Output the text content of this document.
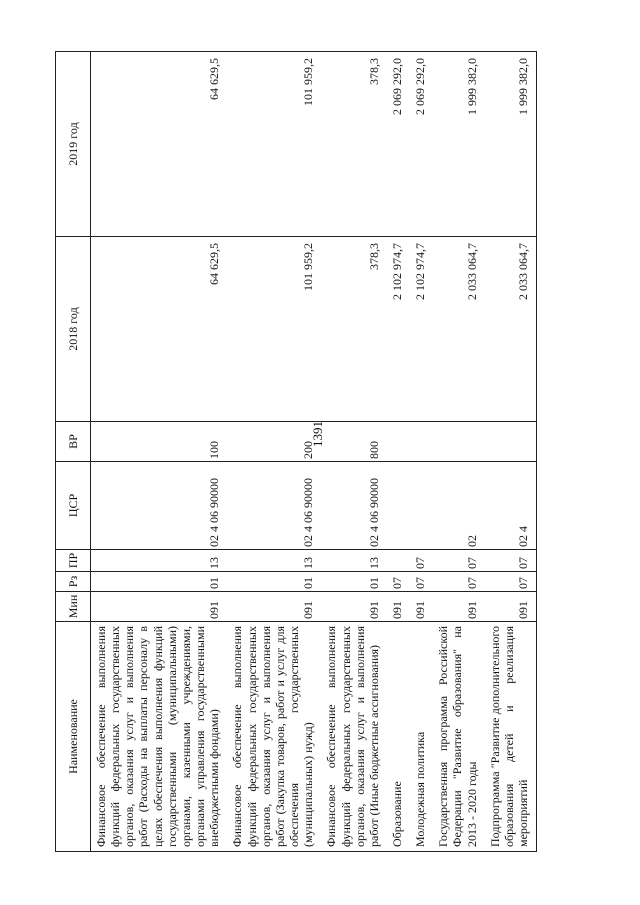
1391
Наименование	Мин	Рз	ПР	ЦСР	ВР	2018 год	2019 год
Финансовое обеспечение выполнения функций федеральных государственных органов, оказания услуг и выполнения работ (Расходы на выплаты персоналу в целях обеспечения выполнения функций государственными (муниципальными) органами, казенными учреждениями, органами управления государственными внебюджетными фондами)	091	01	13	02 4 06 90000	100	64 629,5	64 629,5
Финансовое обеспечение выполнения функций федеральных государственных органов, оказания услуг и выполнения работ (Закупка товаров, работ и услуг для обеспечения государственных (муниципальных) нужд)	091	01	13	02 4 06 90000	200	101 959,2	101 959,2
Финансовое обеспечение выполнения функций федеральных государственных органов, оказания услуг и выполнения работ (Иные бюджетные ассигнования)	091	01	13	02 4 06 90000	800	378,3	378,3
Образование	091	07				2 102 974,7	2 069 292,0
Молодежная политика	091	07	07			2 102 974,7	2 069 292,0
Государственная программа Российской Федерации "Развитие образования" на 2013 - 2020 годы	091	07	07	02		2 033 064,7	1 999 382,0
Подпрограмма "Развитие дополнительного образования детей и реализация мероприятий	091	07	07	02 4		2 033 064,7	1 999 382,0
